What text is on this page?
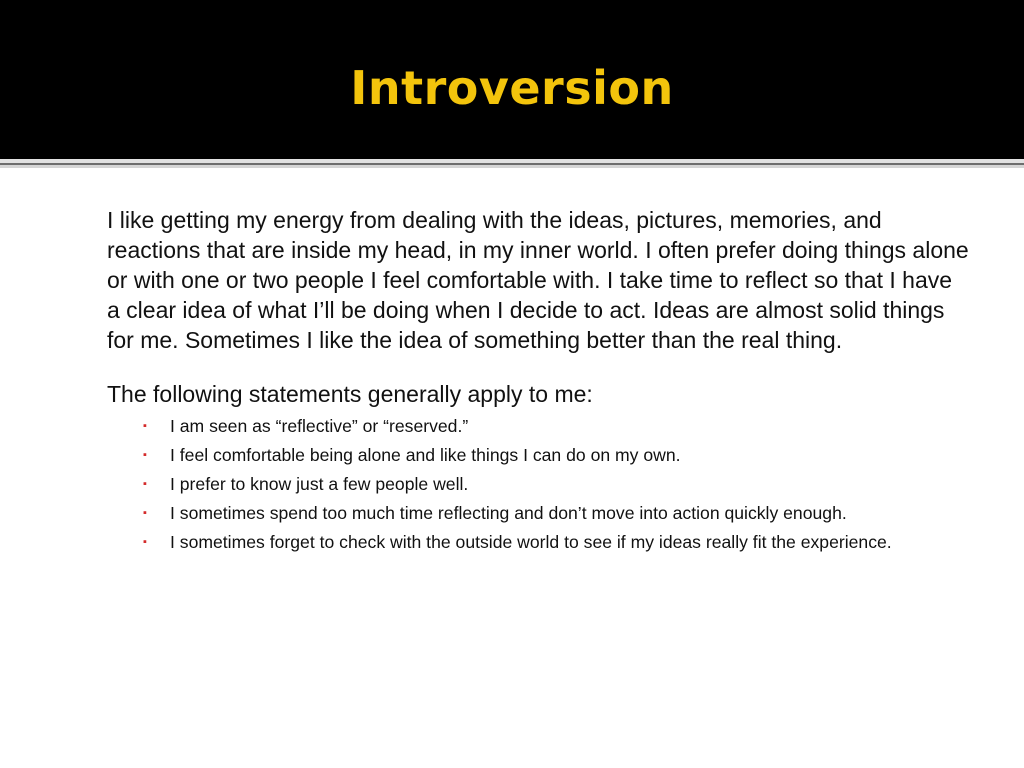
Introversion

I like getting my energy from dealing with the ideas, pictures, memories, and reactions that are inside my head, in my inner world. I often prefer doing things alone or with one or two people I feel comfortable with. I take time to reflect so that I have a clear idea of what I’ll be doing when I decide to act. Ideas are almost solid things for me. Sometimes I like the idea of something better than the real thing.

The following statements generally apply to me:

▪	I am seen as “reflective” or “reserved.”
▪	I feel comfortable being alone and like things I can do on my own.
▪	I prefer to know just a few people well.
▪	I sometimes spend too much time reflecting and don’t move into action quickly enough.
▪	I sometimes forget to check with the outside world to see if my ideas really fit the experience.
